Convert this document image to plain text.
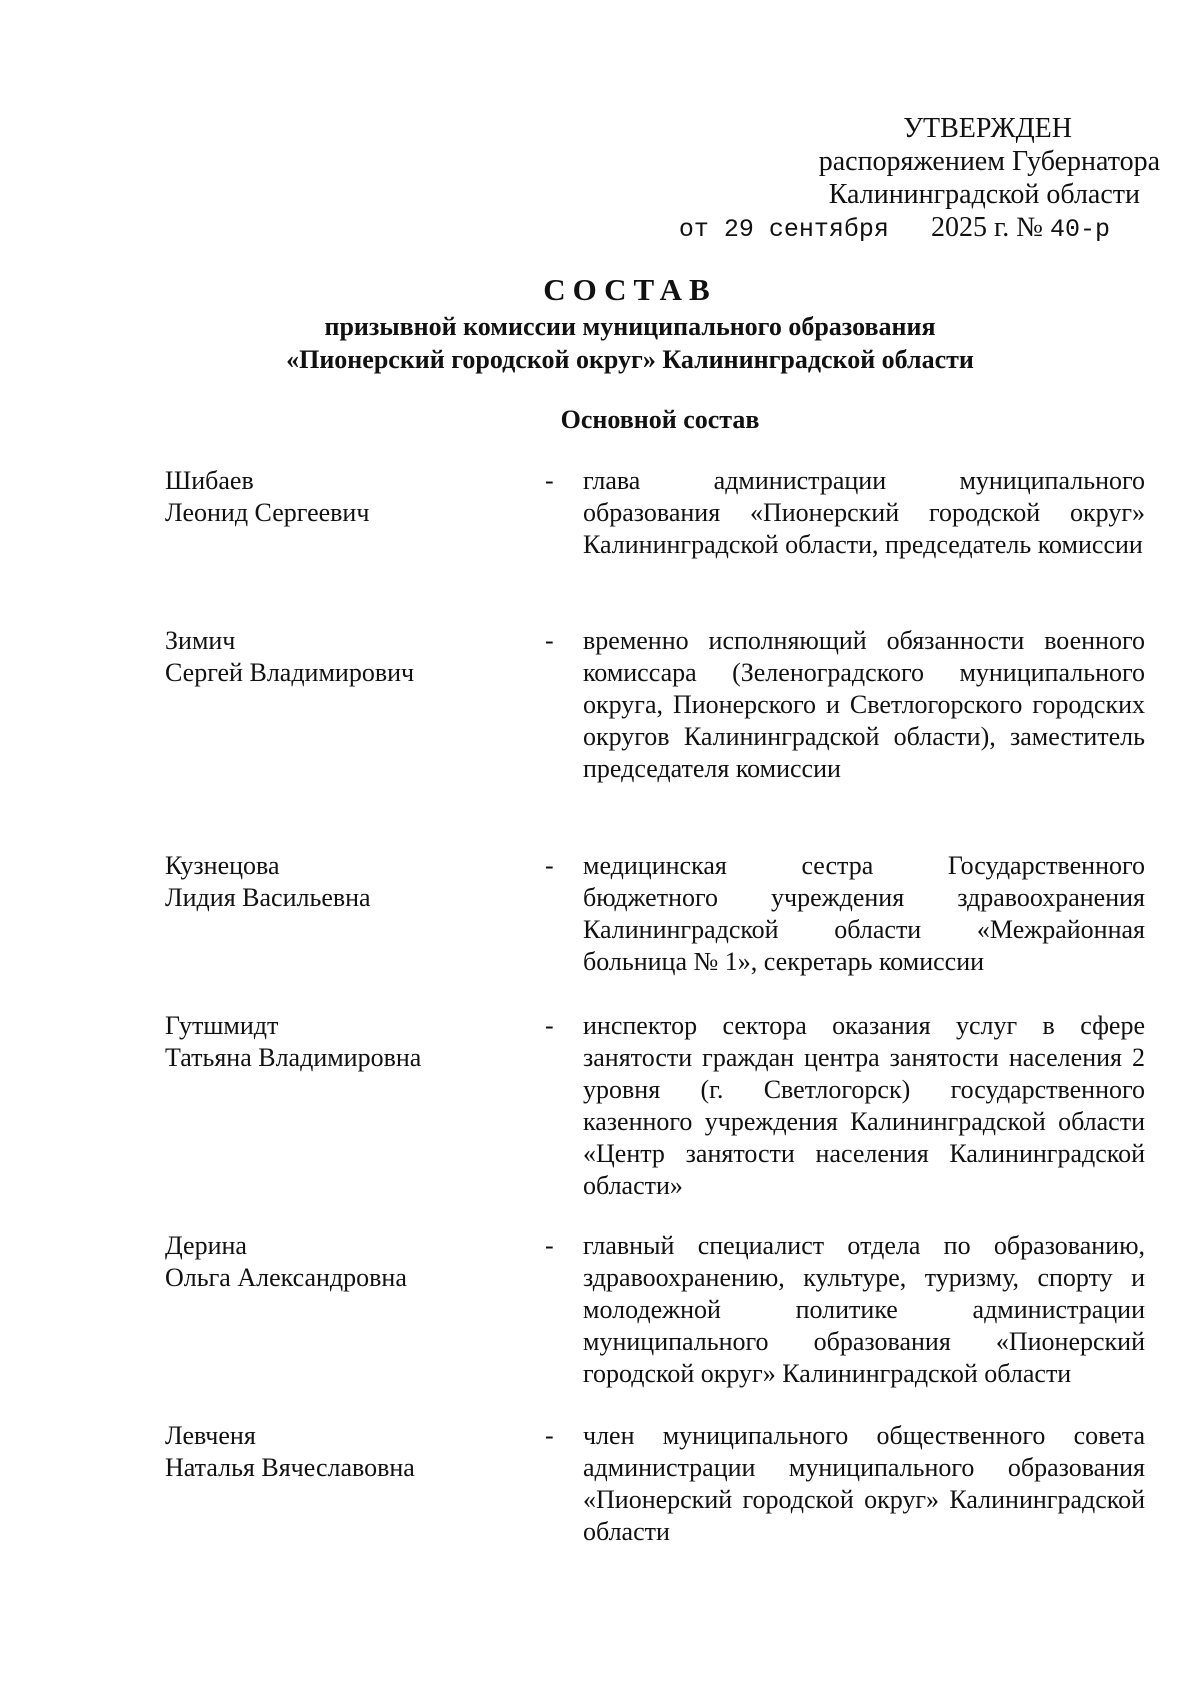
УТВЕРЖДЕН
распоряжением Губернатора
Калининградской области
от 29 сентября 2025 г. № 40-р
СОСТАВ
призывной комиссии муниципального образования
«Пионерский городской округ» Калининградской области
Основной состав
Шибаев
Леонид Сергеевич
-	глава администрации муниципального образования «Пионерский городской округ» Калининградской области, председатель комиссии
Зимич
Сергей Владимирович
-	временно исполняющий обязанности военного комиссара (Зеленоградского муниципального округа, Пионерского и Светлогорского городских округов Калининградской области), заместитель председателя комиссии
Кузнецова
Лидия Васильевна
-	медицинская сестра Государственного бюджетного учреждения здравоохранения Калининградской области «Межрайонная больница № 1», секретарь комиссии
Гутшмидт
Татьяна Владимировна
-	инспектор сектора оказания услуг в сфере занятости граждан центра занятости населения 2 уровня (г. Светлогорск) государственного казенного учреждения Калининградской области «Центр занятости населения Калининградской области»
Дерина
Ольга Александровна
-	главный специалист отдела по образованию, здравоохранению, культуре, туризму, спорту и молодежной политике администрации муниципального образования «Пионерский городской округ» Калининградской области
Левченя
Наталья Вячеславовна
-	член муниципального общественного совета администрации муниципального образования «Пионерский городской округ» Калининградской области
